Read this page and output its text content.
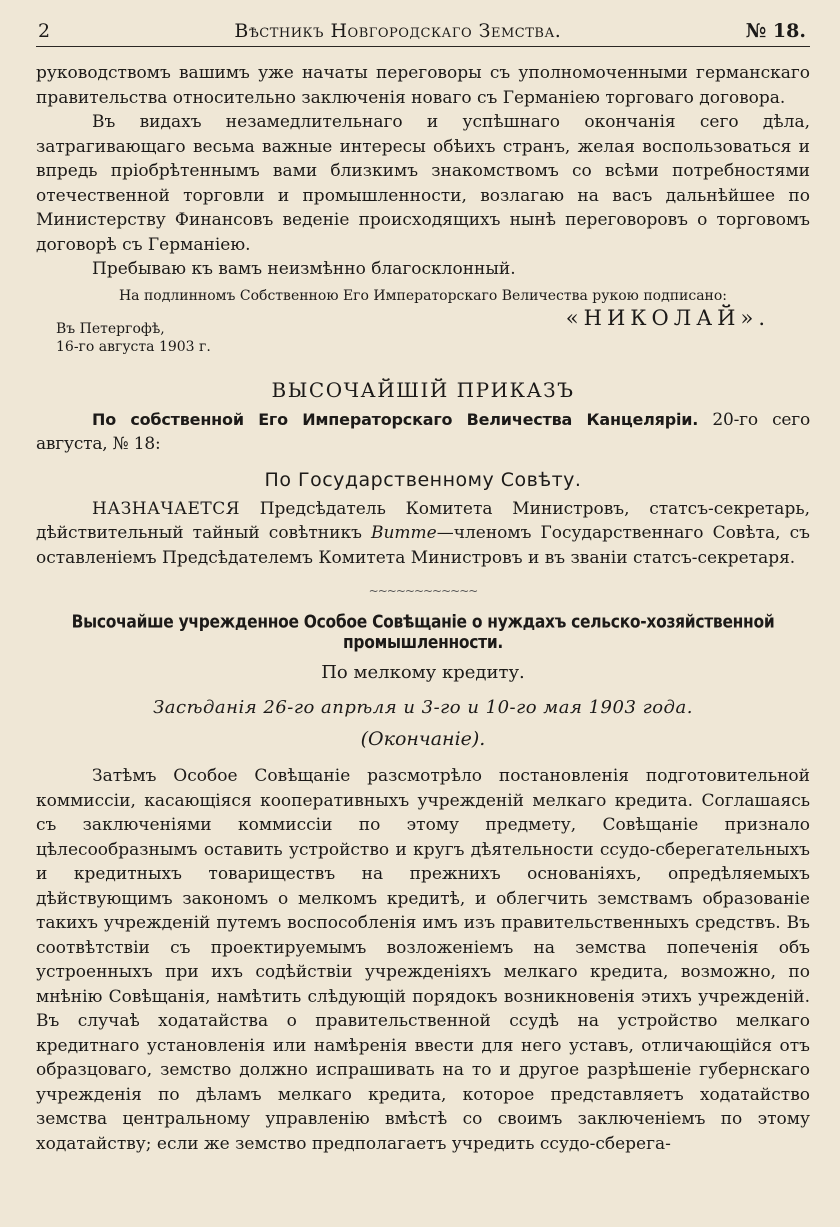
2	Вѣстникъ Новгородскаго Земства.	№ 18.

руководствомъ вашимъ уже начаты переговоры съ уполномоченными германскаго правительства относительно заключенія новаго съ Германіею торговаго договора.

Въ видахъ незамедлительнаго и успѣшнаго окончанія сего дѣла, затрагивающаго весьма важные интересы обѣихъ странъ, желая воспользоваться и впредь пріобрѣтеннымъ вами близкимъ знакомствомъ со всѣми потребностями отечественной торговли и промышленности, возлагаю на васъ дальнѣйшее по Министерству Финансовъ веденіе происходящихъ нынѣ переговоровъ о торговомъ договорѣ съ Германіею.

Пребываю къ вамъ неизмѣнно благосклонный.

На подлинномъ Собственною Его Императорскаго Величества рукою подписано:

«НИКОЛАЙ».

Въ Петергофѣ,
16-го августа 1903 г.

ВЫСОЧАЙШІЙ ПРИКАЗЪ

По собственной Его Императорскаго Величества Канцеляріи. 20-го сего августа, № 18:

По Государственному Совѣту.

НАЗНАЧАЕТСЯ Предсѣдатель Комитета Министровъ, статсъ-секретарь, дѣйствительный тайный совѣтникъ Витте—членомъ Государственнаго Совѣта, съ оставленіемъ Предсѣдателемъ Комитета Министровъ и въ званіи статсъ-секретаря.

~~~~~~~~~~~~

Высочайше учрежденное Особое Совѣщаніе о нуждахъ сельско-хозяйственной промышленности.

По мелкому кредиту.

Засѣданія 26-го апрѣля и 3-го и 10-го мая 1903 года.

(Окончаніе).

Затѣмъ Особое Совѣщаніе разсмотрѣло постановленія подготовительной коммиссіи, касающіяся кооперативныхъ учрежденій мелкаго кредита. Соглашаясь съ заключеніями коммиссіи по этому предмету, Совѣщаніе признало цѣлесообразнымъ оставить устройство и кругъ дѣятельности ссудо-сберегательныхъ и кредитныхъ товариществъ на прежнихъ основаніяхъ, опредѣляемыхъ дѣйствующимъ закономъ о мелкомъ кредитѣ, и облегчить земствамъ образованіе такихъ учрежденій путемъ воспособленія имъ изъ правительственныхъ средствъ. Въ соотвѣтствіи съ проектируемымъ возложеніемъ на земства попеченія объ устроенныхъ при ихъ содѣйствіи учрежденіяхъ мелкаго кредита, возможно, по мнѣнію Совѣщанія, намѣтить слѣдующій порядокъ возникновенія этихъ учрежденій. Въ случаѣ ходатайства о правительственной ссудѣ на устройство мелкаго кредитнаго установленія или намѣренія ввести для него уставъ, отличающійся отъ образцоваго, земство должно испрашивать на то и другое разрѣшеніе губернскаго учрежденія по дѣламъ мелкаго кредита, которое представляетъ ходатайство земства центральному управленію вмѣстѣ со своимъ заключеніемъ по этому ходатайству; если же земство предполагаетъ учредить ссудо-сберега-
